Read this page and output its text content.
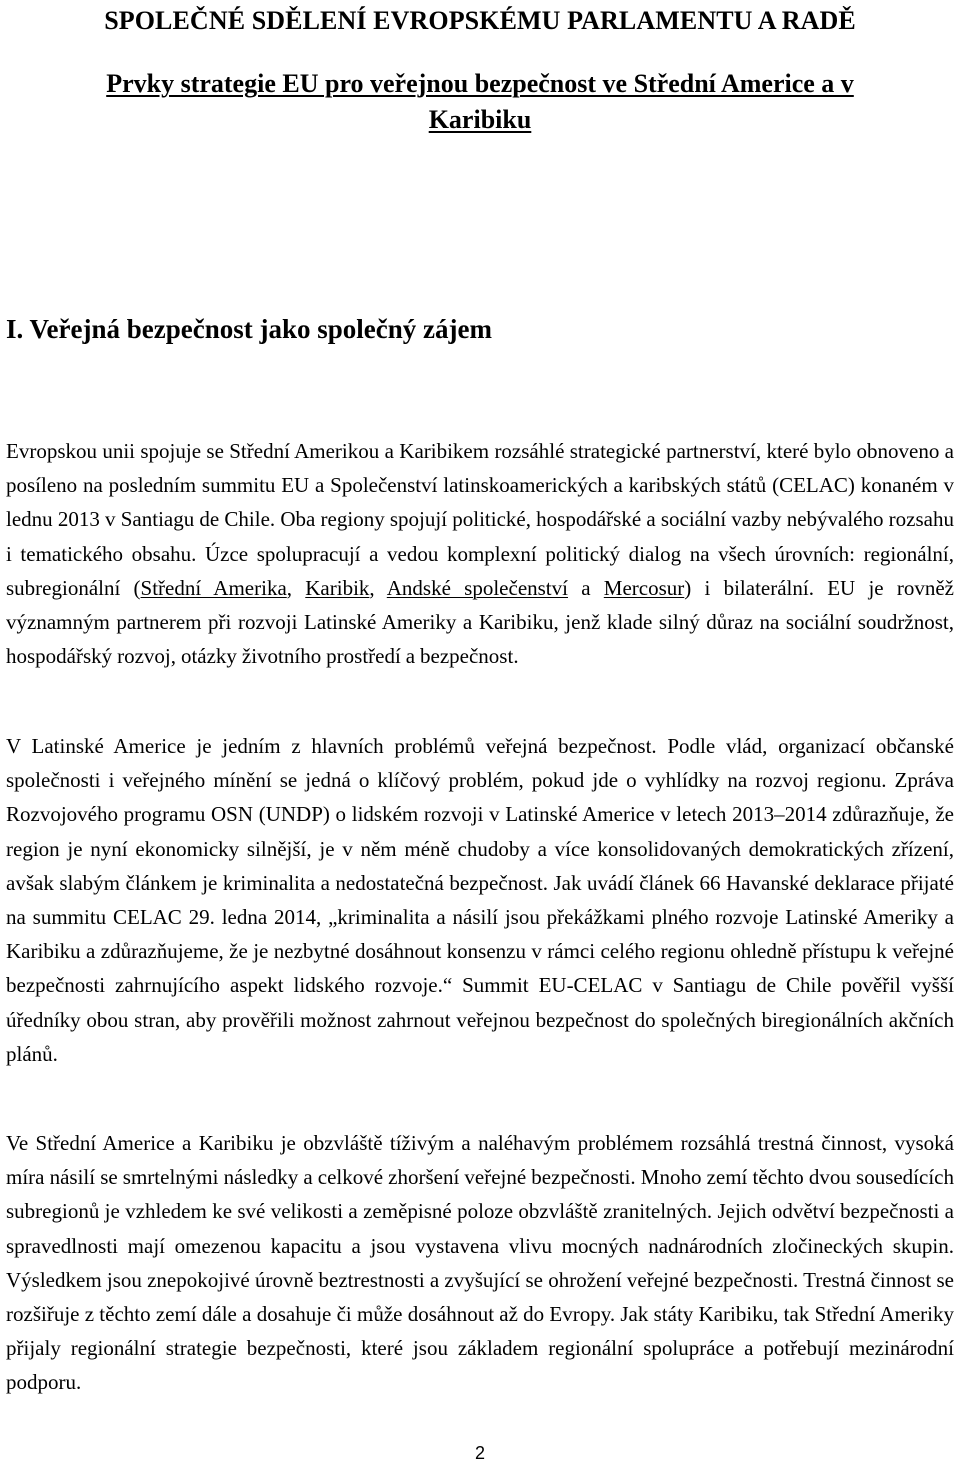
SPOLEČNÉ SDĚLENÍ EVROPSKÉMU PARLAMENTU A RADĚ
Prvky strategie EU pro veřejnou bezpečnost ve Střední Americe a v
Karibiku
I. Veřejná bezpečnost jako společný zájem
Evropskou unii spojuje se Střední Amerikou a Karibikem rozsáhlé strategické partnerství, které bylo obnoveno a posíleno na posledním summitu EU a Společenství latinskoamerických a karibských států (CELAC) konaném v lednu 2013 v Santiagu de Chile. Oba regiony spojují politické, hospodářské a sociální vazby nebývalého rozsahu i tematického obsahu. Úzce spolupracují a vedou komplexní politický dialog na všech úrovních: regionální, subregionální (Střední Amerika, Karibik, Andské společenství a Mercosur) i bilaterální. EU je rovněž významným partnerem při rozvoji Latinské Ameriky a Karibiku, jenž klade silný důraz na sociální soudržnost, hospodářský rozvoj, otázky životního prostředí a bezpečnost.
V Latinské Americe je jedním z hlavních problémů veřejná bezpečnost. Podle vlád, organizací občanské společnosti i veřejného mínění se jedná o klíčový problém, pokud jde o vyhlídky na rozvoj regionu. Zpráva Rozvojového programu OSN (UNDP) o lidském rozvoji v Latinské Americe v letech 2013–2014 zdůrazňuje, že region je nyní ekonomicky silnější, je v něm méně chudoby a více konsolidovaných demokratických zřízení, avšak slabým článkem je kriminalita a nedostatečná bezpečnost. Jak uvádí článek 66 Havanské deklarace přijaté na summitu CELAC 29. ledna 2014, „kriminalita a násilí jsou překážkami plného rozvoje Latinské Ameriky a Karibiku a zdůrazňujeme, že je nezbytné dosáhnout konsenzu v rámci celého regionu ohledně přístupu k veřejné bezpečnosti zahrnujícího aspekt lidského rozvoje.“ Summit EU-CELAC v Santiagu de Chile pověřil vyšší úředníky obou stran, aby prověřili možnost zahrnout veřejnou bezpečnost do společných biregionálních akčních plánů.
Ve Střední Americe a Karibiku je obzvláště tíživým a naléhavým problémem rozsáhlá trestná činnost, vysoká míra násilí se smrtelnými následky a celkové zhoršení veřejné bezpečnosti. Mnoho zemí těchto dvou sousedících subregionů je vzhledem ke své velikosti a zeměpisné poloze obzvláště zranitelných. Jejich odvětví bezpečnosti a spravedlnosti mají omezenou kapacitu a jsou vystavena vlivu mocných nadnárodních zločineckých skupin. Výsledkem jsou znepokojivé úrovně beztrestnosti a zvyšující se ohrožení veřejné bezpečnosti. Trestná činnost se rozšiřuje z těchto zemí dále a dosahuje či může dosáhnout až do Evropy. Jak státy Karibiku, tak Střední Ameriky přijaly regionální strategie bezpečnosti, které jsou základem regionální spolupráce a potřebují mezinárodní podporu.
2
